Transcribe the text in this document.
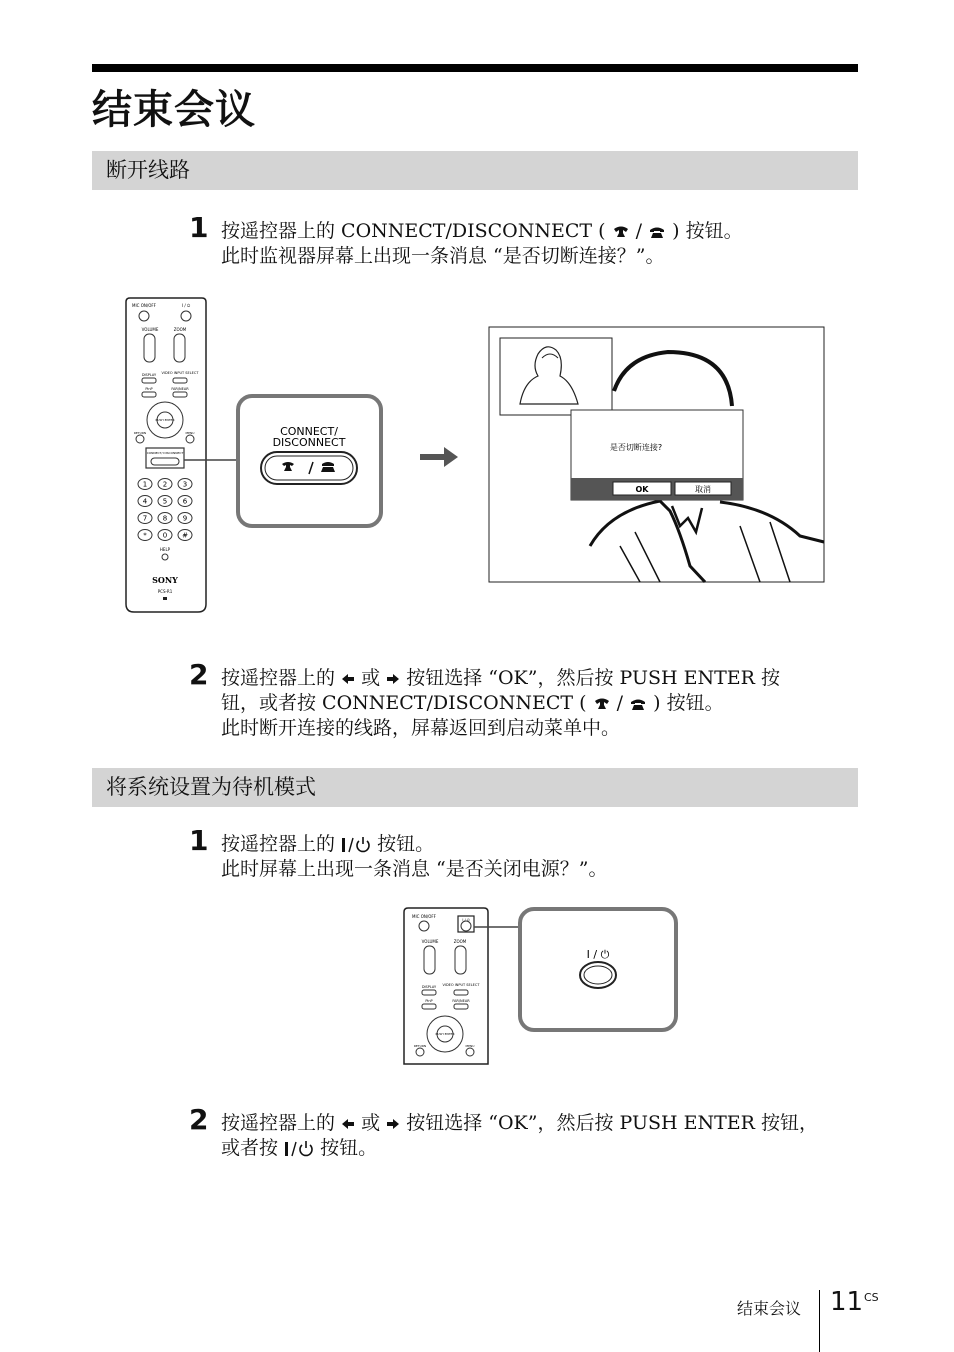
结束会议
断开线路
1 按遥控器上的 CONNECT/DISCONNECT (  /  ) 按钮。

此时监视器屏幕上出现一条消息 “是否切断连接？”。

MIC ON/OFF	I / ⏻
VOLUME	ZOOM
DISPLAY VIDEO INPUT SELECT
PinP	FAR/NEAR
PUSH ENTER
RETURN	MENU
CONNECT/ DISCONNECT
1 2 3
4 5 6
7 8 9
* 0 #
HELP
SONY
PCS-R1
CONNECT/
DISCONNECT	是否切断连接?
OK	取消
2 按遥控器上的 或 按钮选择 “OK”，然后按 PUSH ENTER 按

钮，或者按 CONNECT/DISCONNECT (  /  ) 按钮。

此时断开连接的线路，屏幕返回到启动菜单中。

将系统设置为待机模式
1 按遥控器上的 按钮。

此时屏幕上出现一条消息 “是否关闭电源？”。

MIC ON/OFF
I / ⏻
VOLUME	ZOOM
DISPLAY VIDEO INPUT SELECT
PinP	FAR/NEAR
PUSH ENTER
RETURN	MENU
I / ⏻
2 按遥控器上的 或 按钮选择 “OK”，然后按 PUSH ENTER 按钮，

或者按 按钮。

结束会议 11 CS
